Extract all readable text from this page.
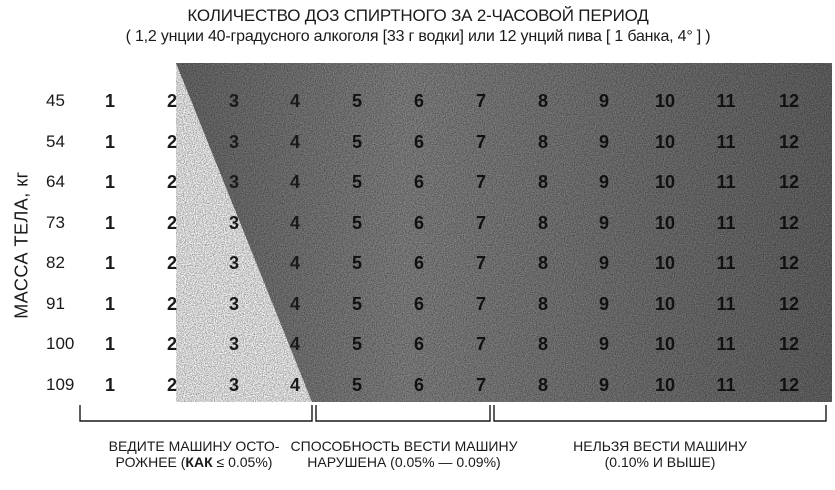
КОЛИЧЕСТВО ДОЗ СПИРТНОГО ЗА 2-ЧАСОВОЙ ПЕРИОД
( 1,2 унции 40-градусного алкоголя [33 г водки] или 12 унций пива [ 1 банка, 4° ] )
МАССА ТЕЛА, кг
45 1	2	3	4	5	6	7	8	9	10 11 12
54 1	2	3	4	5	6	7	8	9	10 11 12
64 1	2	3	4	5	6	7	8	9	10 11 12
73 1	2	3	4	5	6	7	8	9	10 11 12
82 1	2	3	4	5	6	7	8	9	10 11 12
91 1	2	3	4	5	6	7	8	9	10 11 12
100 1	2	3	4	5	6	7	8	9	10 11 12
109 1	2	3	4	5	6	7	8	9	10 11 12
ВЕДИТЕ МАШИНУ ОСТО-
РОЖНЕЕ (КАК ≤ 0.05%)
СПОСОБНОСТЬ ВЕСТИ МАШИНУ
НАРУШЕНА (0.05% — 0.09%)
НЕЛЬЗЯ ВЕСТИ МАШИНУ
(0.10% И ВЫШЕ)
